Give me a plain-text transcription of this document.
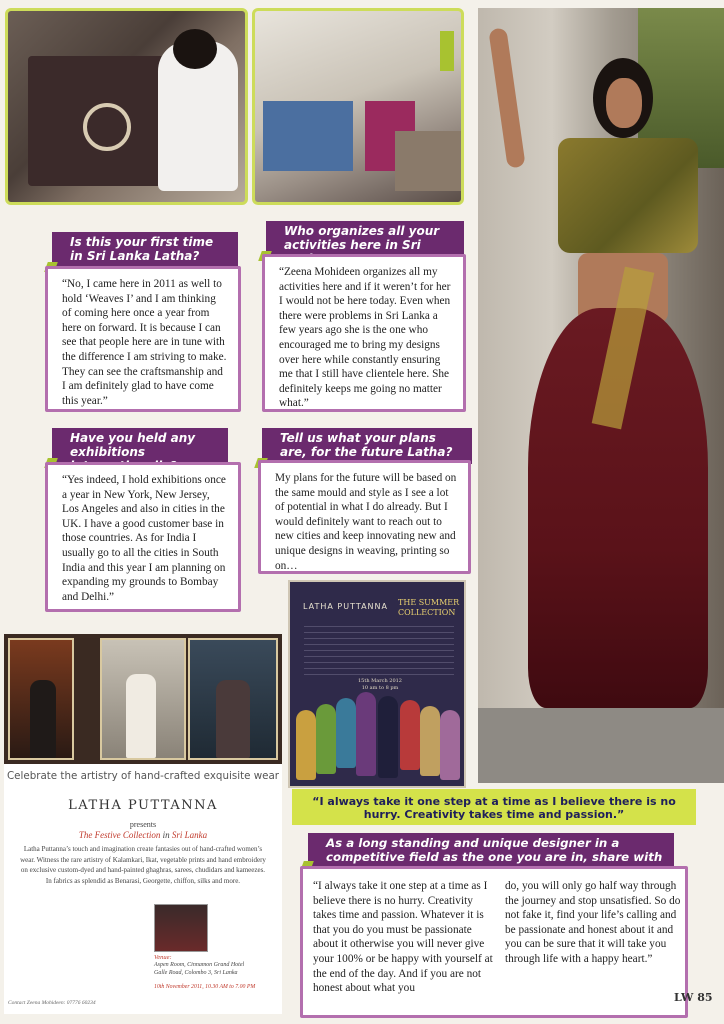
Is this your first time in Sri Lanka Latha?
“No, I came here in 2011 as well to hold ‘Weaves I’ and I am thinking of coming here once a year from here on forward. It is because I can see that people here are in tune with the difference I am striving to make. They can see the craftsmanship and I am definitely glad to have come this year.”
Who organizes all your activities here in Sri
“Zeena Mohideen organizes all my activities here and if it weren’t for her I would not be here today. Even when there were problems in Sri Lanka a few years ago she is the one who encouraged me to bring my designs over here while constantly ensuring me that I still have clientele here. She definitely keeps me going no matter what.”
Have you held any exhibitions
“Yes indeed, I hold exhibitions once a year in New York, New Jersey, Los Angeles and also in cities in the UK. I have a good customer base in those countries. As for India I usually go to all the cities in South India and this year I am planning on expanding my grounds to Bombay and Delhi.”
Tell us what your plans are, for the future Latha?
My plans for the future will be based on the same mould and style as I see a lot of potential in what I do already. But I would definitely want to reach out to new cities and keep innovating new and unique designs in weaving, printing so on…
LATHA PUTTANNA	THE SUMMER
COLLECTION
15th March 2012
10 am to 8 pm
Celebrate the artistry of hand-crafted exquisite wear
LATHA PUTTANNA
presents
The Festive Collection in Sri Lanka
Latha Puttanna’s touch and imagination create fantasies out of hand-crafted women’s wear. Witness the rare artistry of Kalamkari, Ikat, vegetable prints and hand embroidery on exclusive custom-dyed and hand-painted ghaghras, sarees, chudidars and kameezes. In fabrics as splendid as Benarasi, Georgette, chiffon, silks and more.
Venue:
Aspen Room, Cinnamon Grand Hotel
Galle Road, Colombo 3, Sri Lanka
10th November 2011, 10.30 AM to 7.00 PM
Contact Zeena Mohideen: 07776 60234
“I always take it one step at a time as I believe there is no hurry. Creativity takes time and passion.”
As a long standing and unique designer in a competitive field as the one you are in, share with
“I always take it one step at a time as I believe there is no hurry. Creativity takes time and passion. Whatever it is that you do you must be passionate about it otherwise you will never give your 100% or be happy with yourself at the end of the day. And if you are not honest about what you
do, you will only go half way through the journey and stop unsatisfied. So do not fake it, find your life’s calling and be passionate and honest about it and you can be sure that it will take you through life with a happy heart.”
LW 85
